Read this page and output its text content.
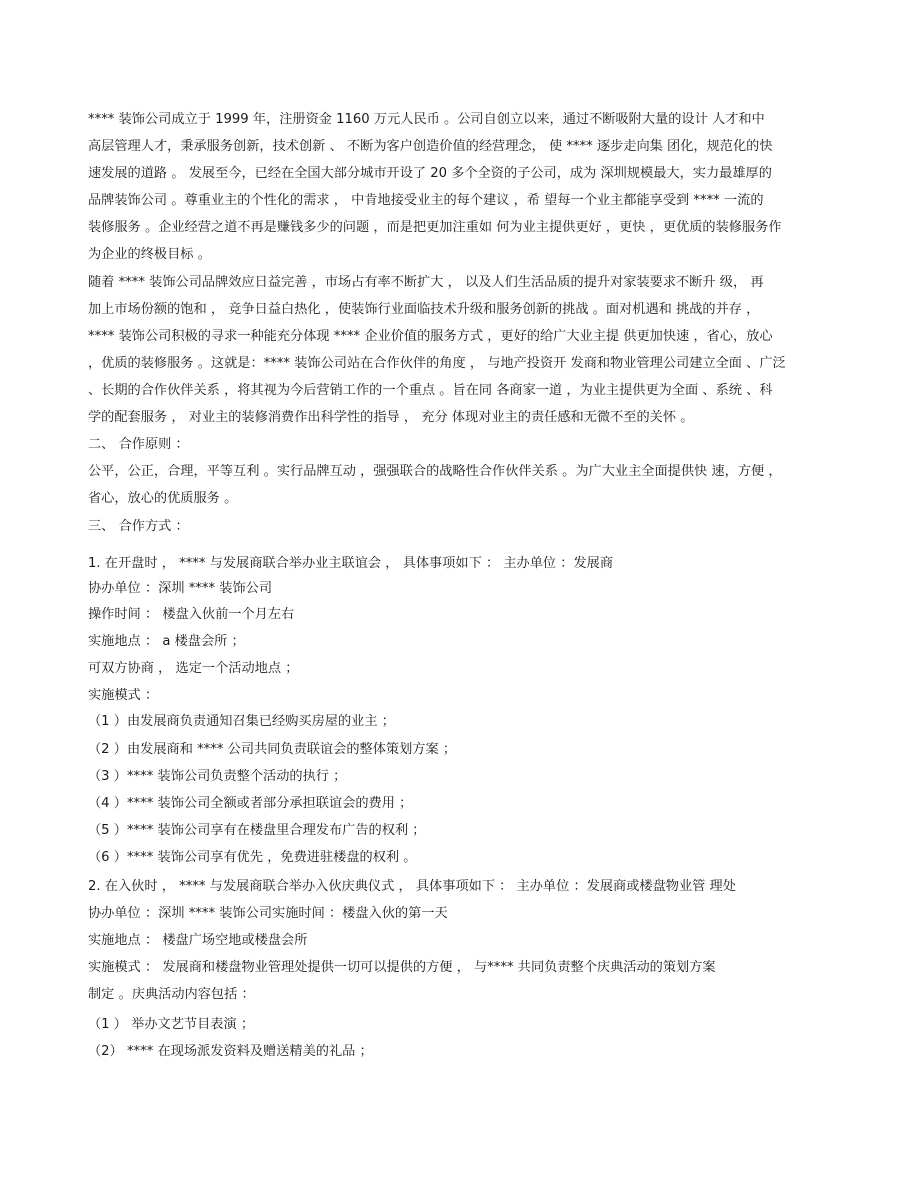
**** 装饰公司成立于 1999 年，注册资金 1160 万元人民币 。公司自创立以来，通过不断吸附大量的设计 人才和中
高层管理人才，秉承服务创新，技术创新 、 不断为客户创造价值的经营理念， 使 **** 逐步走向集 团化，规范化的快
速发展的道路 。 发展至今，已经在全国大部分城市开设了 20 多个全资的子公司，成为 深圳规模最大，实力最雄厚的
品牌装饰公司 。尊重业主的个性化的需求 ， 中肯地接受业主的每个建议 ，希 望每一个业主都能享受到 **** 一流的
装修服务 。企业经营之道不再是赚钱多少的问题 ，而是把更加注重如 何为业主提供更好 ，更快 ，更优质的装修服务作
为企业的终极目标 。
随着 **** 装饰公司品牌效应日益完善 ，市场占有率不断扩大 ， 以及人们生活品质的提升对家装要求不断升 级， 再
加上市场份额的饱和 ， 竞争日益白热化 ，使装饰行业面临技术升级和服务创新的挑战 。面对机遇和 挑战的并存 ，
**** 装饰公司积极的寻求一种能充分体现 **** 企业价值的服务方式 ，更好的给广大业主提 供更加快速 ，省心，放心
，优质的装修服务 。这就是：**** 装饰公司站在合作伙伴的角度 ， 与地产投资开 发商和物业管理公司建立全面 、广泛
、长期的合作伙伴关系 ，将其视为今后营销工作的一个重点 。旨在同 各商家一道 ，为业主提供更为全面 、系统 、科
学的配套服务 ， 对业主的装修消费作出科学性的指导 ， 充分 体现对业主的责任感和无微不至的关怀 。
二、 合作原则 ：
公平，公正，合理，平等互利 。实行品牌互动 ，强强联合的战略性合作伙伴关系 。为广大业主全面提供快 速，方便 ，
省心，放心的优质服务 。
三、 合作方式 ：
1. 在开盘时 ， **** 与发展商联合举办业主联谊会 ， 具体事项如下 ： 主办单位 ：发展商
协办单位 ：深圳 **** 装饰公司
操作时间 ： 楼盘入伙前一个月左右
实施地点 ： a 楼盘会所 ；
可双方协商 ， 选定一个活动地点 ；
实施模式 ：
（1 ）由发展商负责通知召集已经购买房屋的业主 ；
（2 ）由发展商和 **** 公司共同负责联谊会的整体策划方案 ；
（3 ）**** 装饰公司负责整个活动的执行 ；
（4 ）**** 装饰公司全额或者部分承担联谊会的费用 ；
（5 ）**** 装饰公司享有在楼盘里合理发布广告的权利 ；
（6 ）**** 装饰公司享有优先 ，免费进驻楼盘的权利 。
2. 在入伙时 ， **** 与发展商联合举办入伙庆典仪式 ， 具体事项如下 ： 主办单位 ：发展商或楼盘物业管 理处
协办单位 ：深圳 **** 装饰公司实施时间 ：楼盘入伙的第一天
实施地点 ： 楼盘广场空地或楼盘会所
实施模式 ： 发展商和楼盘物业管理处提供一切可以提供的方便 ， 与**** 共同负责整个庆典活动的策划方案
制定 。庆典活动内容包括 ：
（1 ） 举办文艺节目表演 ；
（2） **** 在现场派发资料及赠送精美的礼品 ；
